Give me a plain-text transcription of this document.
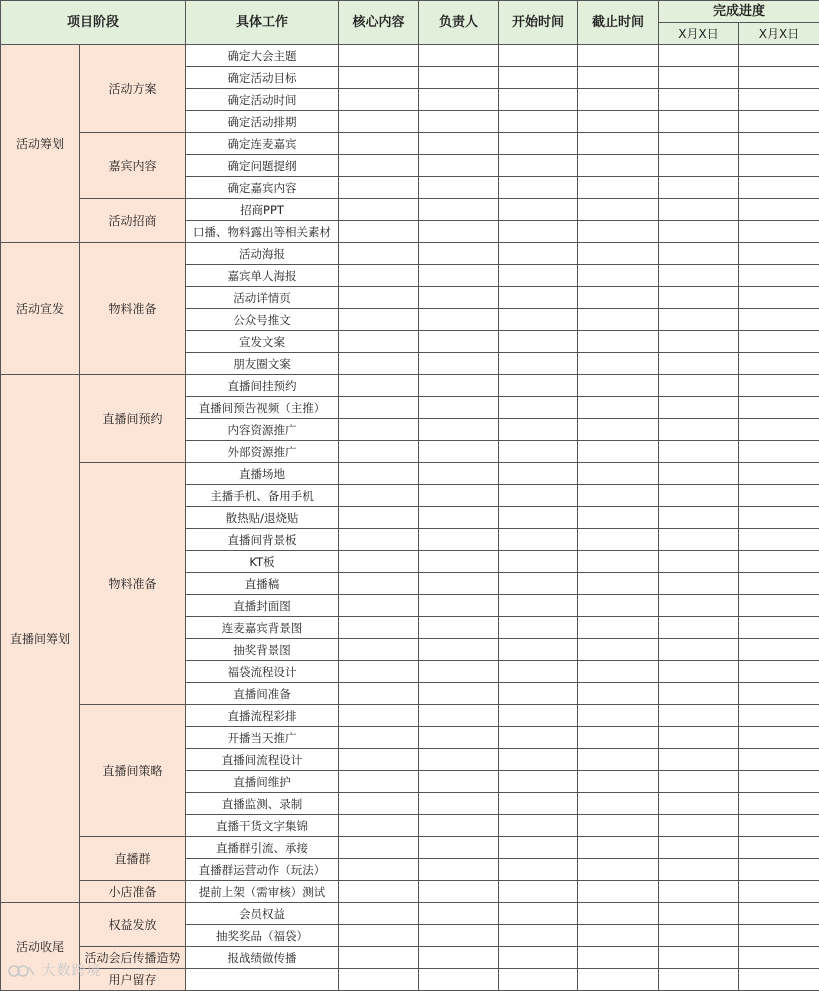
项目阶段		具体工作	核心内容	负责人	开始时间	截止时间	完成进度	
							X月X日	X月X日
活动筹划	活动方案	确定大会主题						
		确定活动目标						
		确定活动时间						
		确定活动排期						
	嘉宾内容	确定连麦嘉宾						
		确定问题提纲						
		确定嘉宾内容						
	活动招商	招商PPT						
		口播、物料露出等相关素材						
活动宣发	物料准备	活动海报						
		嘉宾单人海报						
		活动详情页						
		公众号推文						
		宣发文案						
		朋友圈文案						
直播间筹划	直播间预约	直播间挂预约						
		直播间预告视频（主推）						
		内容资源推广						
		外部资源推广						
	物料准备	直播场地						
		主播手机、备用手机						
		散热贴/退烧贴						
		直播间背景板						
		KT板						
		直播稿						
		直播封面图						
		连麦嘉宾背景图						
		抽奖背景图						
		福袋流程设计						
		直播间准备						
	直播间策略	直播流程彩排						
		开播当天推广						
		直播间流程设计						
		直播间维护						
		直播监测、录制						
		直播干货文字集锦						
	直播群	直播群引流、承接						
		直播群运营动作（玩法）						
	小店准备	提前上架（需审核）测试						
活动收尾	权益发放	会员权益						
		抽奖奖品（福袋）						
	活动会后传播造势	报战绩做传播						
	用户留存							
大数跨境
